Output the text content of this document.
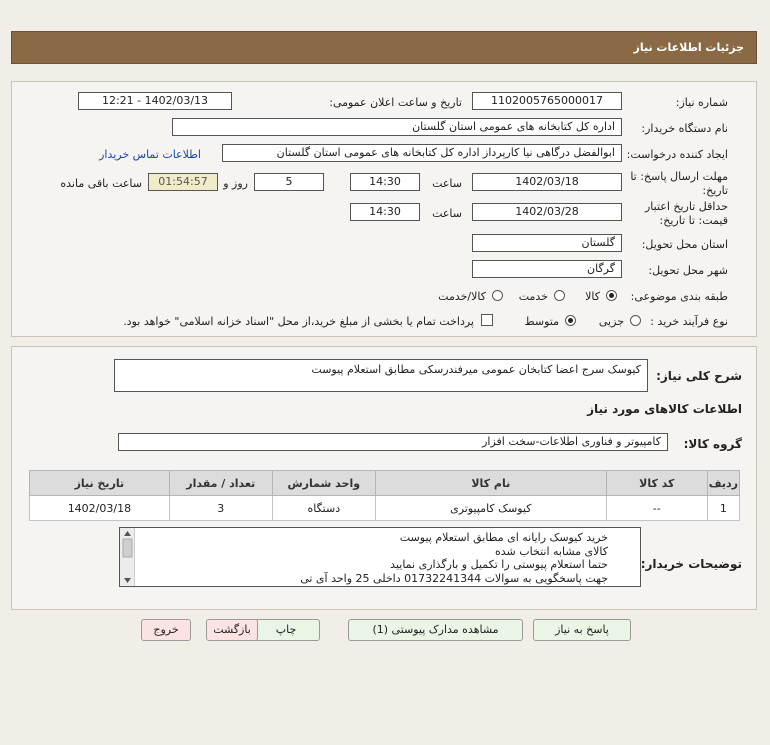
جزئیات اطلاعات نیاز
شماره نیاز:
1102005765000017
تاریخ و ساعت اعلان عمومی:
1402/03/13 - 12:21
نام دستگاه خریدار:
اداره کل کتابخانه های عمومی استان گلستان
ایجاد کننده درخواست:
ابوالفضل درگاهی نیا کارپرداز اداره کل کتابخانه های عمومی استان گلستان
اطلاعات تماس خریدار
مهلت ارسال پاسخ: تا
تاریخ:
1402/03/18
ساعت
14:30
5
روز و
01:54:57
ساعت باقی مانده
حداقل تاریخ اعتبار
قیمت: تا تاریخ:
1402/03/28
ساعت
14:30
استان محل تحویل:
گلستان
شهر محل تحویل:
گرگان
طبقه بندی موضوعی:
کالا
خدمت
کالا/خدمت
نوع فرآیند خرید :
جزیی
متوسط
پرداخت تمام یا بخشی از مبلغ خرید،از محل "اسناد خزانه اسلامی" خواهد بود.
شرح کلی نیاز:
کیوسک سرج اعضا کتابخان عمومی میرفندرسکی مطابق استعلام پیوست
اطلاعات کالاهای مورد نیاز
گروه کالا:
کامپیوتر و فناوری اطلاعات-سخت افزار
ردیف	کد کالا	نام کالا	واحد شمارش	تعداد / مقدار	تاریخ نیاز
1	--	کیوسک کامپیوتری	دستگاه	3	1402/03/18
توضیحات خریدار:
خرید کیوسک رایانه ای مطابق استعلام پیوست
کالای مشابه انتخاب شده
حتما استعلام پیوستی را تکمیل و بارگذاری نمایید
جهت پاسخگویی به سوالات 01732241344 داخلی 25 واحد آی تی
پاسخ به نیاز
مشاهده مدارک پیوستی (1)
چاپ
بازگشت
خروج
